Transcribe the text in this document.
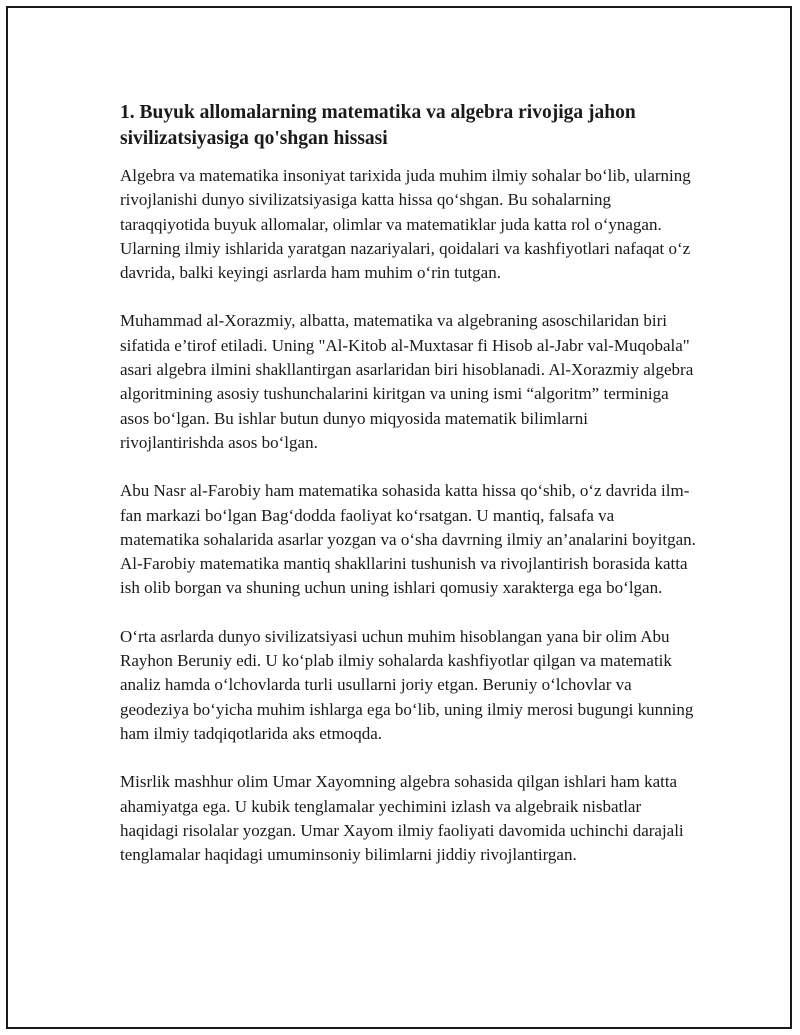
1. Buyuk allomalarning matematika va algebra rivojiga jahon sivilizatsiyasiga qo'shgan hissasi

Algebra va matematika insoniyat tarixida juda muhim ilmiy sohalar bo‘lib, ularning rivojlanishi dunyo sivilizatsiyasiga katta hissa qo‘shgan. Bu sohalarning taraqqiyotida buyuk allomalar, olimlar va matematiklar juda katta rol o‘ynagan. Ularning ilmiy ishlarida yaratgan nazariyalari, qoidalari va kashfiyotlari nafaqat o‘z davrida, balki keyingi asrlarda ham muhim o‘rin tutgan.

Muhammad al-Xorazmiy, albatta, matematika va algebraning asoschilaridan biri sifatida e’tirof etiladi. Uning "Al-Kitob al-Muxtasar fi Hisob al-Jabr val-Muqobala" asari algebra ilmini shakllantirgan asarlaridan biri hisoblanadi. Al-Xorazmiy algebra algoritmining asosiy tushunchalarini kiritgan va uning ismi “algoritm” terminiga asos bo‘lgan. Bu ishlar butun dunyo miqyosida matematik bilimlarni rivojlantirishda asos bo‘lgan.

Abu Nasr al-Farobiy ham matematika sohasida katta hissa qo‘shib, o‘z davrida ilm-fan markazi bo‘lgan Bag‘dodda faoliyat ko‘rsatgan. U mantiq, falsafa va matematika sohalarida asarlar yozgan va o‘sha davrning ilmiy an’analarini boyitgan. Al-Farobiy matematika mantiq shakllarini tushunish va rivojlantirish borasida katta ish olib borgan va shuning uchun uning ishlari qomusiy xarakterga ega bo‘lgan.

O‘rta asrlarda dunyo sivilizatsiyasi uchun muhim hisoblangan yana bir olim Abu Rayhon Beruniy edi. U ko‘plab ilmiy sohalarda kashfiyotlar qilgan va matematik analiz hamda o‘lchovlarda turli usullarni joriy etgan. Beruniy o‘lchovlar va geodeziya bo‘yicha muhim ishlarga ega bo‘lib, uning ilmiy merosi bugungi kunning ham ilmiy tadqiqotlarida aks etmoqda.

Misrlik mashhur olim Umar Xayomning algebra sohasida qilgan ishlari ham katta ahamiyatga ega. U kubik tenglamalar yechimini izlash va algebraik nisbatlar haqidagi risolalar yozgan. Umar Xayom ilmiy faoliyati davomida uchinchi darajali tenglamalar haqidagi umuminsoniy bilimlarni jiddiy rivojlantirgan.
